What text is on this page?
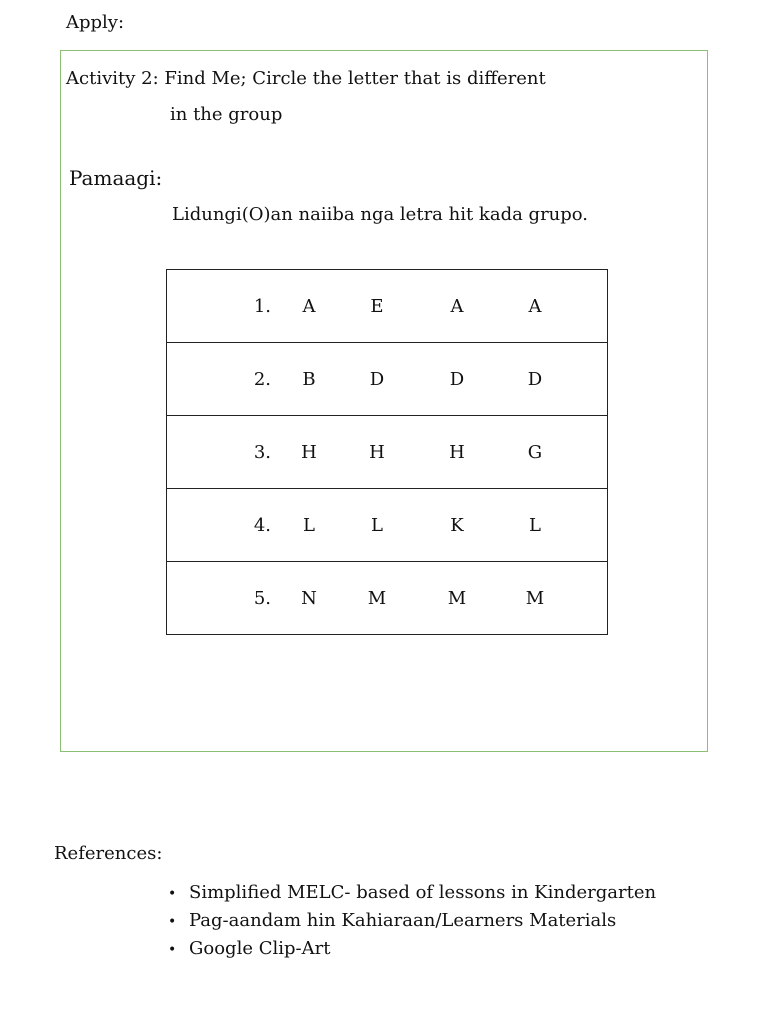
Apply:
Activity 2: Find Me; Circle the letter that is different
in the group
Pamaagi:
Lidungi(O)an naiiba nga letra hit kada grupo.
1.	A	E	A	A	
2.	B	D	D	D	
3.	H	H	H	G	
4.	L	L	K	L	
5.	N	M	M	M	
References:
• Simplified MELC- based of lessons in Kindergarten
• Pag-aandam hin Kahiaraan/Learners Materials
• Google Clip-Art
